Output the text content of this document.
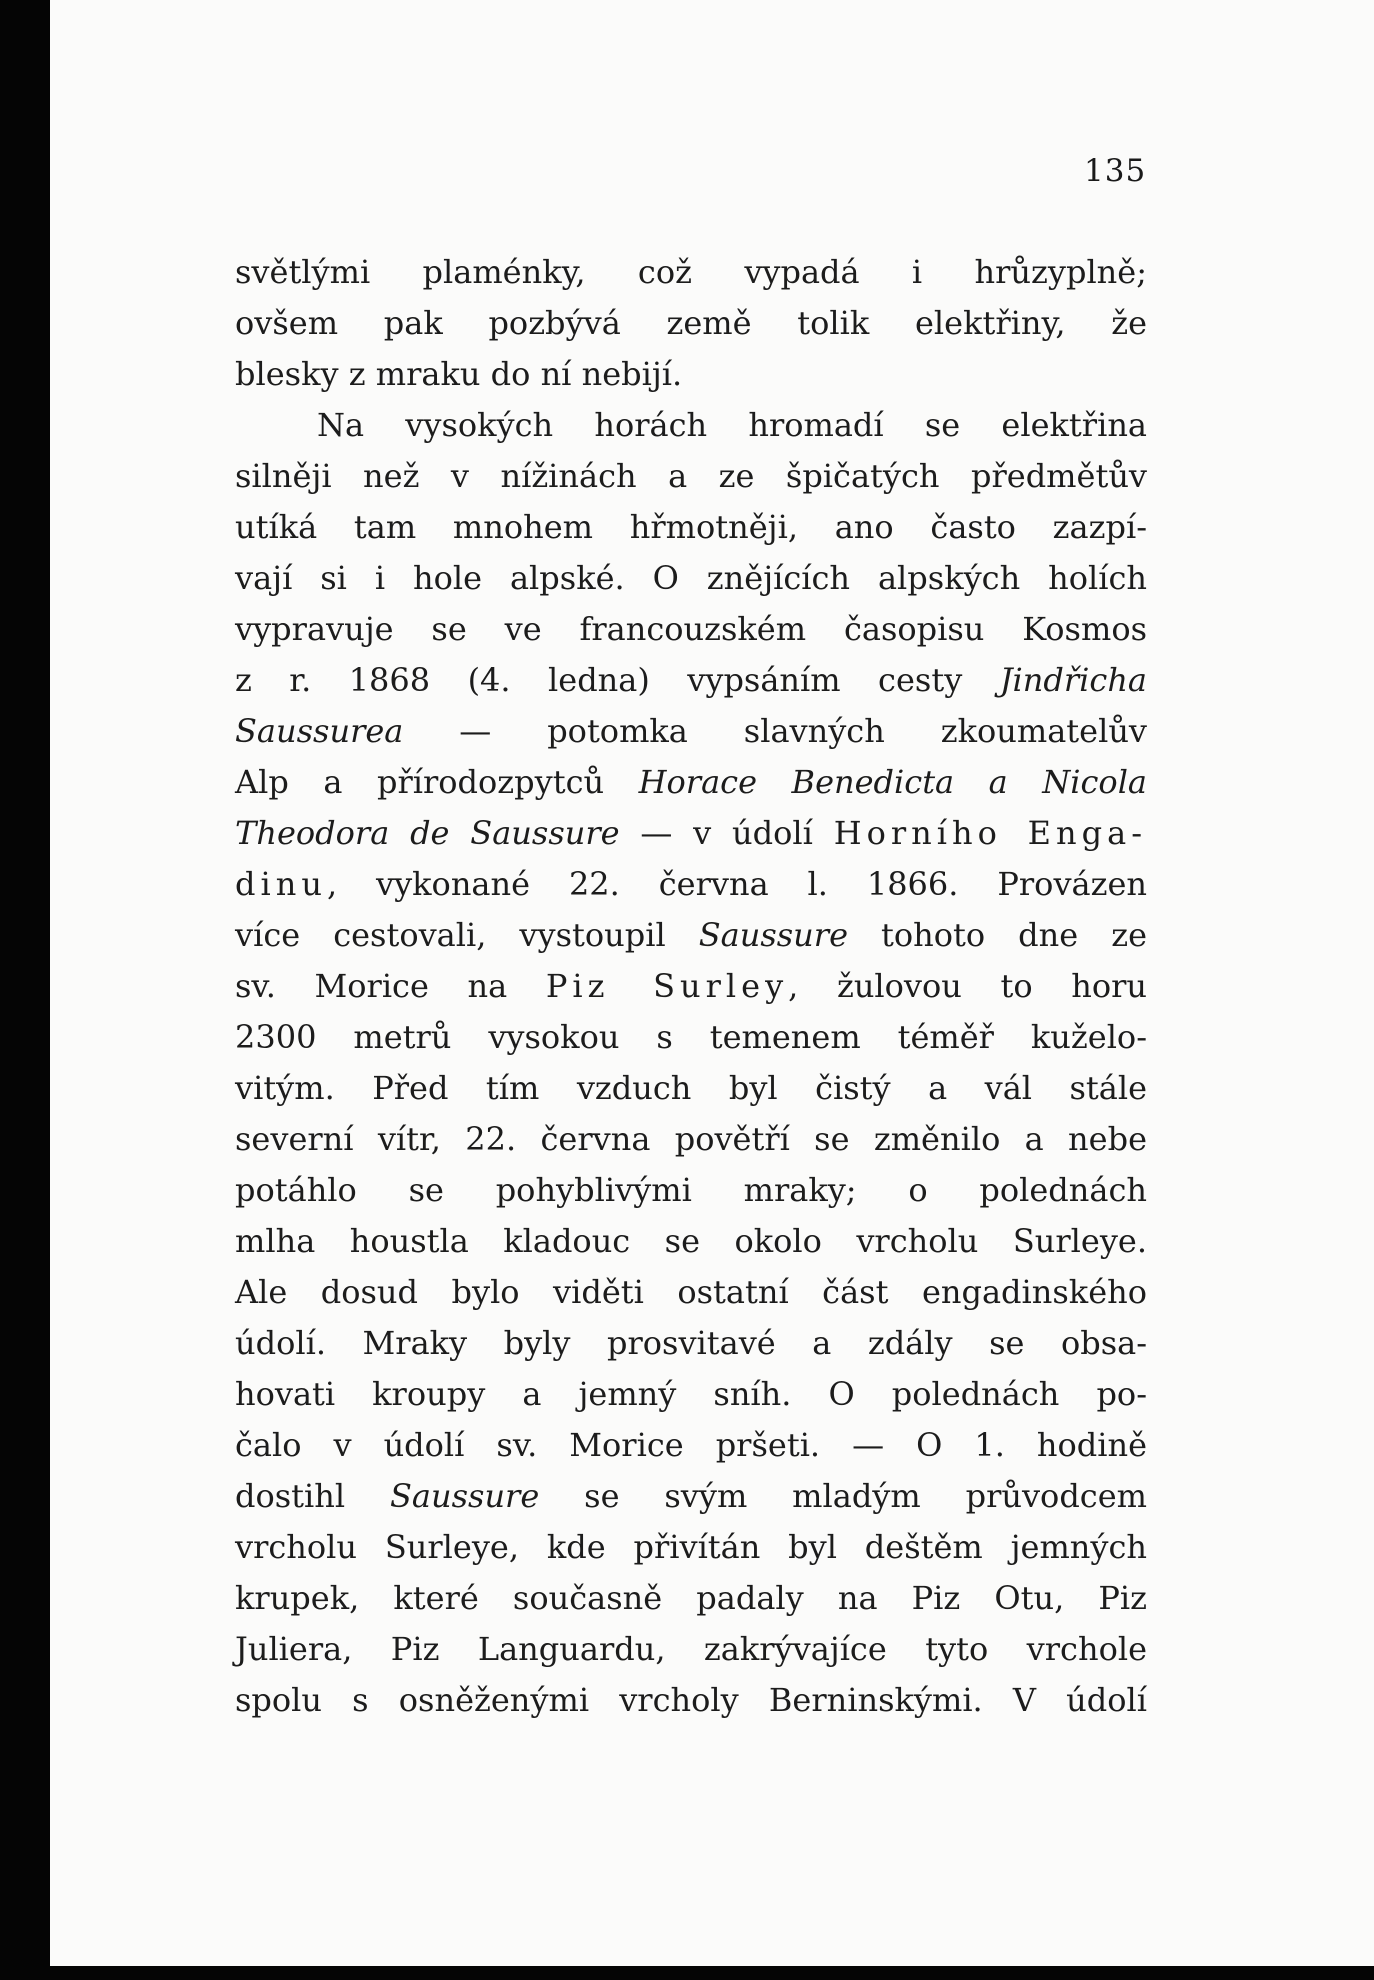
135
světlými plaménky, což vypadá i hrůzyplně;
ovšem pak pozbývá země tolik elektřiny, že
blesky z mraku do ní nebijí.
Na vysokých horách hromadí se elektřina
silněji než v nížinách a ze špičatých předmětův
utíká tam mnohem hřmotněji, ano často zazpí-
vají si i hole alpské. O znějících alpských holích
vypravuje se ve francouzském časopisu Kosmos
z r. 1868 (4. ledna) vypsáním cesty Jindřicha
Saussurea — potomka slavných zkoumatelův
Alp a přírodozpytců Horace Benedicta a Nicola
Theodora de Saussure — v údolí Horního Enga-
dinu, vykonané 22. června l. 1866. Provázen
více cestovali, vystoupil Saussure tohoto dne ze
sv. Morice na Piz Surley, žulovou to horu
2300 metrů vysokou s temenem téměř kuželo-
vitým. Před tím vzduch byl čistý a vál stále
severní vítr, 22. června povětří se změnilo a nebe
potáhlo se pohyblivými mraky; o polednách
mlha houstla kladouc se okolo vrcholu Surleye.
Ale dosud bylo viděti ostatní část engadinského
údolí. Mraky byly prosvitavé a zdály se obsa-
hovati kroupy a jemný sníh. O polednách po-
čalo v údolí sv. Morice pršeti. — O 1. hodině
dostihl Saussure se svým mladým průvodcem
vrcholu Surleye, kde přivítán byl deštěm jemných
krupek, které současně padaly na Piz Otu, Piz
Juliera, Piz Languardu, zakrývajíce tyto vrchole
spolu s osněženými vrcholy Berninskými. V údolí
